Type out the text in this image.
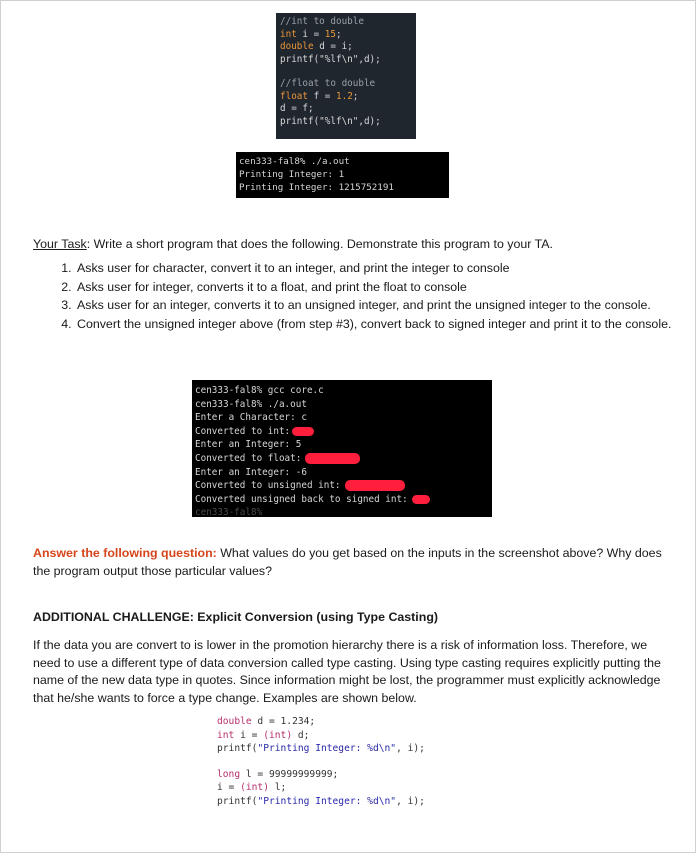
//int to double
int i = 15;
double d = i;
printf("%lf\n",d);
//float to double
float f = 1.2;
d = f;
printf("%lf\n",d);
cen333-fal8% ./a.out
Printing Integer: 1
Printing Integer: 1215752191
Your Task: Write a short program that does the following. Demonstrate this program to your TA.
1. Asks user for character, convert it to an integer, and print the integer to console
2. Asks user for integer, converts it to a float, and print the float to console
3. Asks user for an integer, converts it to an unsigned integer, and print the unsigned integer to the console.
4. Convert the unsigned integer above (from step #3), convert back to signed integer and print it to the console.
cen333-fal8% gcc core.c
cen333-fal8% ./a.out
Enter a Character: c
Converted to int:
Enter an Integer: 5
Converted to float:
Enter an Integer: -6
Converted to unsigned int:
Converted unsigned back to signed int:
cen333-fal8%
Answer the following question: What values do you get based on the inputs in the screenshot above? Why does the program output those particular values?
ADDITIONAL CHALLENGE: Explicit Conversion (using Type Casting)
If the data you are convert to is lower in the promotion hierarchy there is a risk of information loss. Therefore, we need to use a different type of data conversion called type casting. Using type casting requires explicitly putting the name of the new data type in quotes. Since information might be lost, the programmer must explicitly acknowledge that he/she wants to force a type change. Examples are shown below.
double d = 1.234;
int i = (int) d;
printf("Printing Integer: %d\n", i);
long l = 99999999999;
i = (int) l;
printf("Printing Integer: %d\n", i);
